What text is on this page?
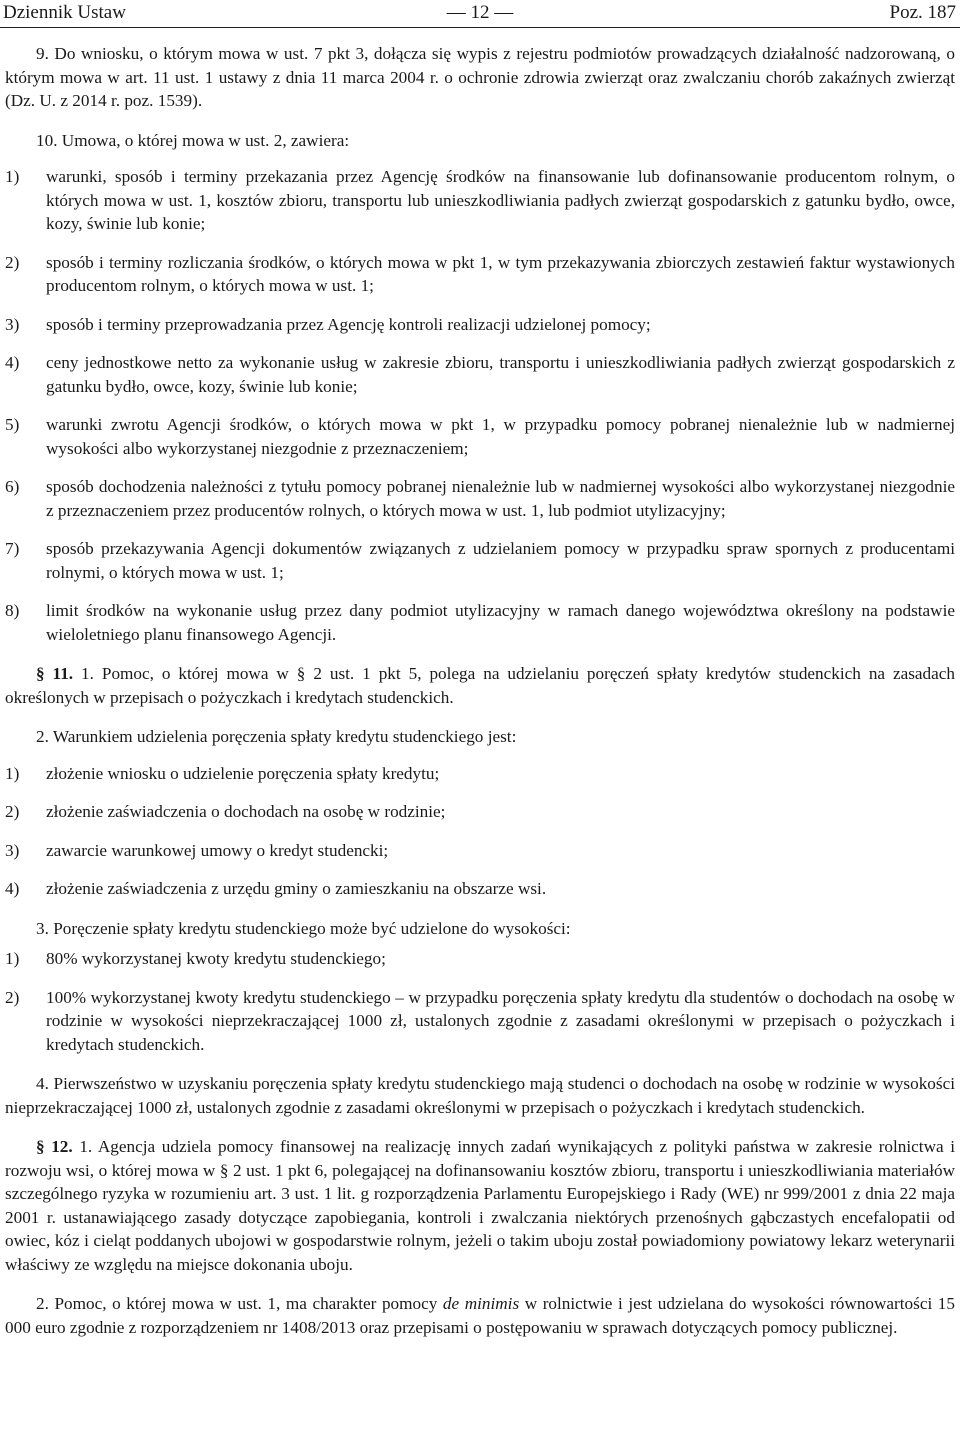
Dziennik Ustaw	— 12 —	Poz. 187

9. Do wniosku, o którym mowa w ust. 7 pkt 3, dołącza się wypis z rejestru podmiotów prowadzących działalność nadzorowaną, o którym mowa w art. 11 ust. 1 ustawy z dnia 11 marca 2004 r. o ochronie zdrowia zwierząt oraz zwalczaniu chorób zakaźnych zwierząt (Dz. U. z 2014 r. poz. 1539).

10. Umowa, o której mowa w ust. 2, zawiera:

1) warunki, sposób i terminy przekazania przez Agencję środków na finansowanie lub dofinansowanie producentom rolnym, o których mowa w ust. 1, kosztów zbioru, transportu lub unieszkodliwiania padłych zwierząt gospodarskich z gatunku bydło, owce, kozy, świnie lub konie;
2) sposób i terminy rozliczania środków, o których mowa w pkt 1, w tym przekazywania zbiorczych zestawień faktur wystawionych producentom rolnym, o których mowa w ust. 1;
3) sposób i terminy przeprowadzania przez Agencję kontroli realizacji udzielonej pomocy;
4) ceny jednostkowe netto za wykonanie usług w zakresie zbioru, transportu i unieszkodliwiania padłych zwierząt gospodarskich z gatunku bydło, owce, kozy, świnie lub konie;
5) warunki zwrotu Agencji środków, o których mowa w pkt 1, w przypadku pomocy pobranej nienależnie lub w nadmiernej wysokości albo wykorzystanej niezgodnie z przeznaczeniem;
6) sposób dochodzenia należności z tytułu pomocy pobranej nienależnie lub w nadmiernej wysokości albo wykorzystanej niezgodnie z przeznaczeniem przez producentów rolnych, o których mowa w ust. 1, lub podmiot utylizacyjny;
7) sposób przekazywania Agencji dokumentów związanych z udzielaniem pomocy w przypadku spraw spornych z producentami rolnymi, o których mowa w ust. 1;
8) limit środków na wykonanie usług przez dany podmiot utylizacyjny w ramach danego województwa określony na podstawie wieloletniego planu finansowego Agencji.

§ 11. 1. Pomoc, o której mowa w § 2 ust. 1 pkt 5, polega na udzielaniu poręczeń spłaty kredytów studenckich na zasadach określonych w przepisach o pożyczkach i kredytach studenckich.

2. Warunkiem udzielenia poręczenia spłaty kredytu studenckiego jest:

1) złożenie wniosku o udzielenie poręczenia spłaty kredytu;
2) złożenie zaświadczenia o dochodach na osobę w rodzinie;
3) zawarcie warunkowej umowy o kredyt studencki;
4) złożenie zaświadczenia z urzędu gminy o zamieszkaniu na obszarze wsi.

3. Poręczenie spłaty kredytu studenckiego może być udzielone do wysokości:

1) 80% wykorzystanej kwoty kredytu studenckiego;
2) 100% wykorzystanej kwoty kredytu studenckiego – w przypadku poręczenia spłaty kredytu dla studentów o dochodach na osobę w rodzinie w wysokości nieprzekraczającej 1000 zł, ustalonych zgodnie z zasadami określonymi w przepisach o pożyczkach i kredytach studenckich.

4. Pierwszeństwo w uzyskaniu poręczenia spłaty kredytu studenckiego mają studenci o dochodach na osobę w rodzinie w wysokości nieprzekraczającej 1000 zł, ustalonych zgodnie z zasadami określonymi w przepisach o pożyczkach i kredytach studenckich.

§ 12. 1. Agencja udziela pomocy finansowej na realizację innych zadań wynikających z polityki państwa w zakresie rolnictwa i rozwoju wsi, o której mowa w § 2 ust. 1 pkt 6, polegającej na dofinansowaniu kosztów zbioru, transportu i unieszkodliwiania materiałów szczególnego ryzyka w rozumieniu art. 3 ust. 1 lit. g rozporządzenia Parlamentu Europejskiego i Rady (WE) nr 999/2001 z dnia 22 maja 2001 r. ustanawiającego zasady dotyczące zapobiegania, kontroli i zwalczania niektórych przenośnych gąbczastych encefalopatii od owiec, kóz i cieląt poddanych ubojowi w gospodarstwie rolnym, jeżeli o takim uboju został powiadomiony powiatowy lekarz weterynarii właściwy ze względu na miejsce dokonania uboju.

2. Pomoc, o której mowa w ust. 1, ma charakter pomocy de minimis w rolnictwie i jest udzielana do wysokości równowartości 15 000 euro zgodnie z rozporządzeniem nr 1408/2013 oraz przepisami o postępowaniu w sprawach dotyczących pomocy publicznej.
